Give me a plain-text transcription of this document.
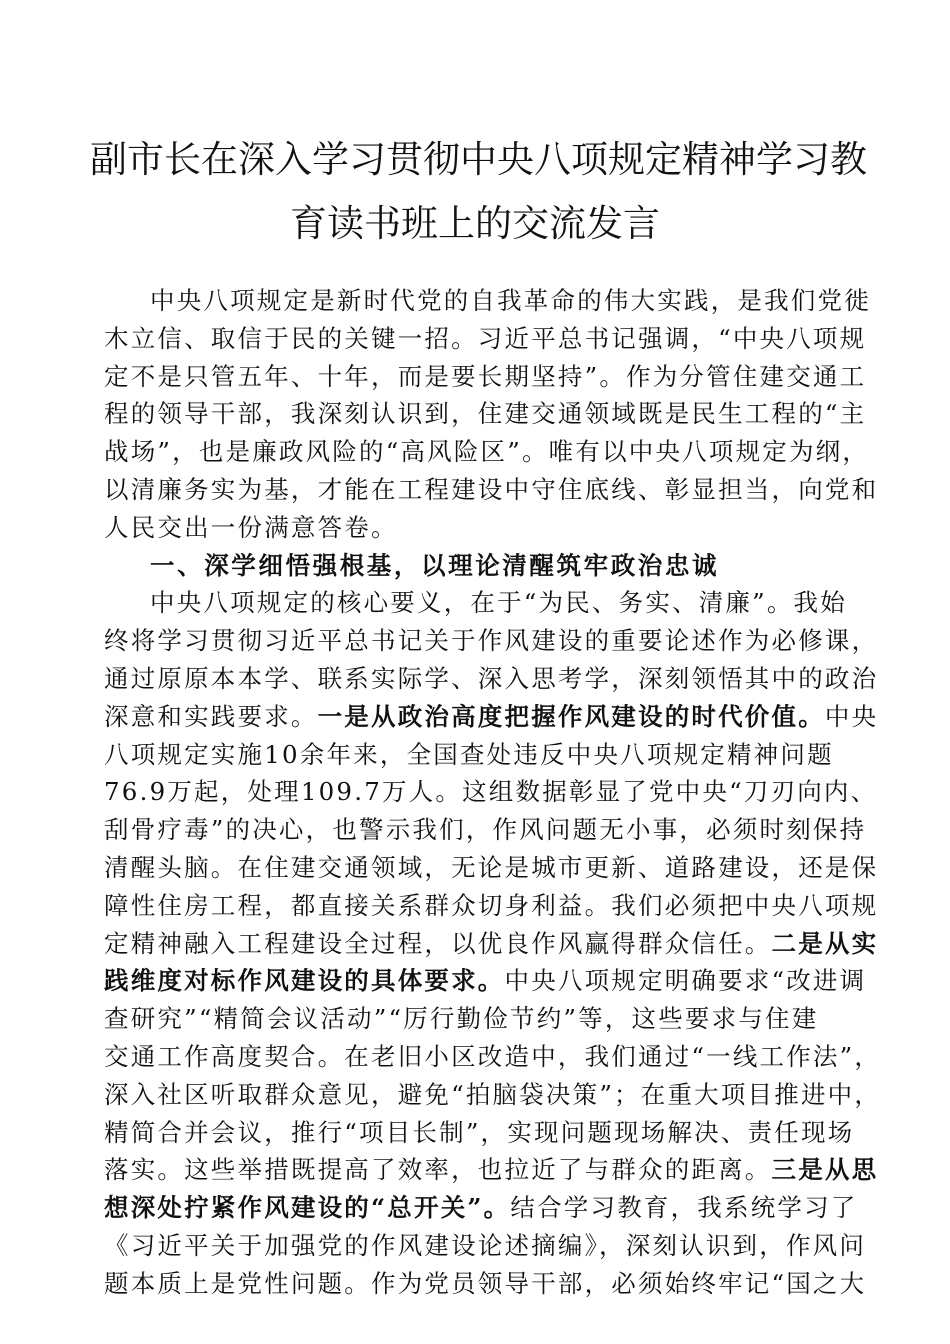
副市长在深入学习贯彻中央八项规定精神学习教
育读书班上的交流发言
中央八项规定是新时代党的自我革命的伟大实践，是我们党徙
木立信、取信于民的关键一招。习近平总书记强调，“中央八项规
定不是只管五年、十年，而是要长期坚持”。作为分管住建交通工
程的领导干部，我深刻认识到，住建交通领域既是民生工程的“主
战场”，也是廉政风险的“高风险区”。唯有以中央八项规定为纲，
以清廉务实为基，才能在工程建设中守住底线、彰显担当，向党和
人民交出一份满意答卷。
一、深学细悟强根基，以理论清醒筑牢政治忠诚
中央八项规定的核心要义，在于“为民、务实、清廉”。我始
终将学习贯彻习近平总书记关于作风建设的重要论述作为必修课，
通过原原本本学、联系实际学、深入思考学，深刻领悟其中的政治
深意和实践要求。一是从政治高度把握作风建设的时代价值。中央
八项规定实施10余年来，全国查处违反中央八项规定精神问题
76.9万起，处理109.7万人。这组数据彰显了党中央“刀刃向内、
刮骨疗毒”的决心，也警示我们，作风问题无小事，必须时刻保持
清醒头脑。在住建交通领域，无论是城市更新、道路建设，还是保
障性住房工程，都直接关系群众切身利益。我们必须把中央八项规
定精神融入工程建设全过程，以优良作风赢得群众信任。二是从实
践维度对标作风建设的具体要求。中央八项规定明确要求“改进调
查研究”“精简会议活动”“厉行勤俭节约”等，这些要求与住建
交通工作高度契合。在老旧小区改造中，我们通过“一线工作法”，
深入社区听取群众意见，避免“拍脑袋决策”；在重大项目推进中，
精简合并会议，推行“项目长制”，实现问题现场解决、责任现场
落实。这些举措既提高了效率，也拉近了与群众的距离。三是从思
想深处拧紧作风建设的“总开关”。结合学习教育，我系统学习了
《习近平关于加强党的作风建设论述摘编》，深刻认识到，作风问
题本质上是党性问题。作为党员领导干部，必须始终牢记“国之大
